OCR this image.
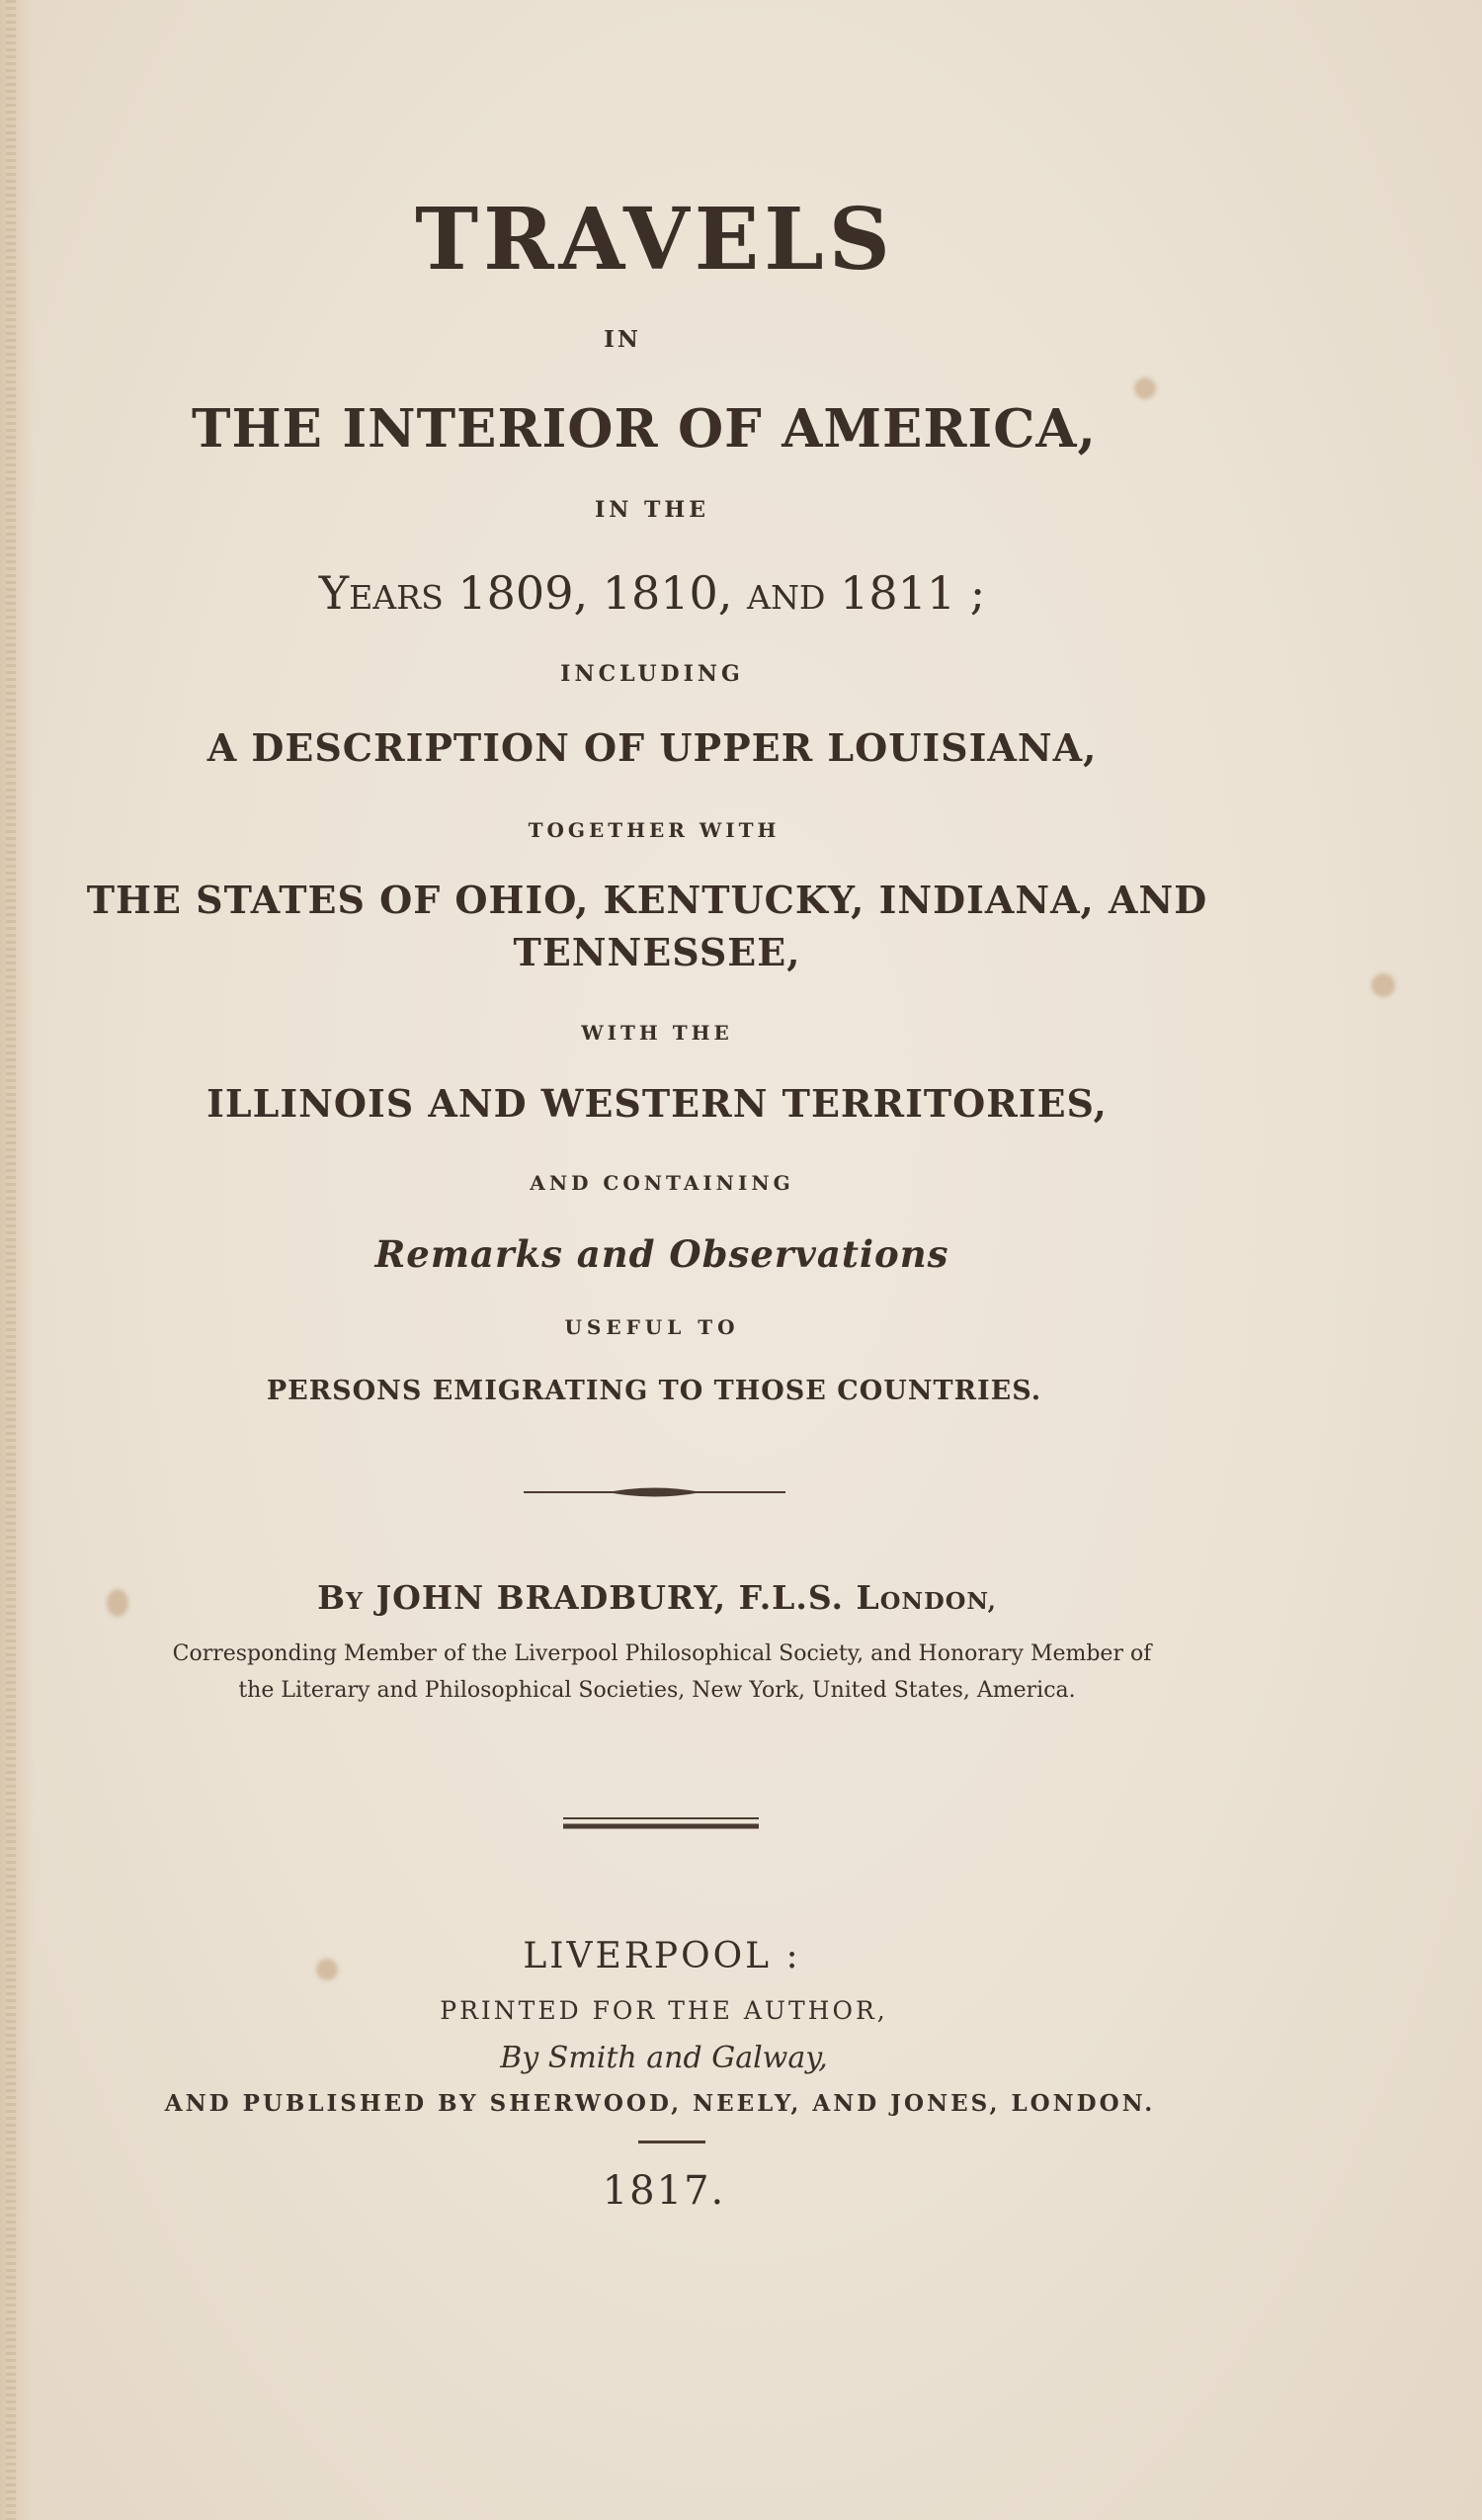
TRAVELS
IN
THE INTERIOR OF AMERICA,
IN THE
YEARS 1809, 1810, AND 1811 ;
INCLUDING
A DESCRIPTION OF UPPER LOUISIANA,
TOGETHER WITH
THE STATES OF OHIO, KENTUCKY, INDIANA, AND
TENNESSEE,
WITH THE
ILLINOIS AND WESTERN TERRITORIES,
AND CONTAINING
Remarks and Observations
USEFUL TO
PERSONS EMIGRATING TO THOSE COUNTRIES.
BY JOHN BRADBURY, F.L.S. LONDON,
Corresponding Member of the Liverpool Philosophical Society, and Honorary Member of
the Literary and Philosophical Societies, New York, United States, America.
LIVERPOOL :
PRINTED FOR THE AUTHOR,
By Smith and Galway,
AND PUBLISHED BY SHERWOOD, NEELY, AND JONES, LONDON.
1817.
